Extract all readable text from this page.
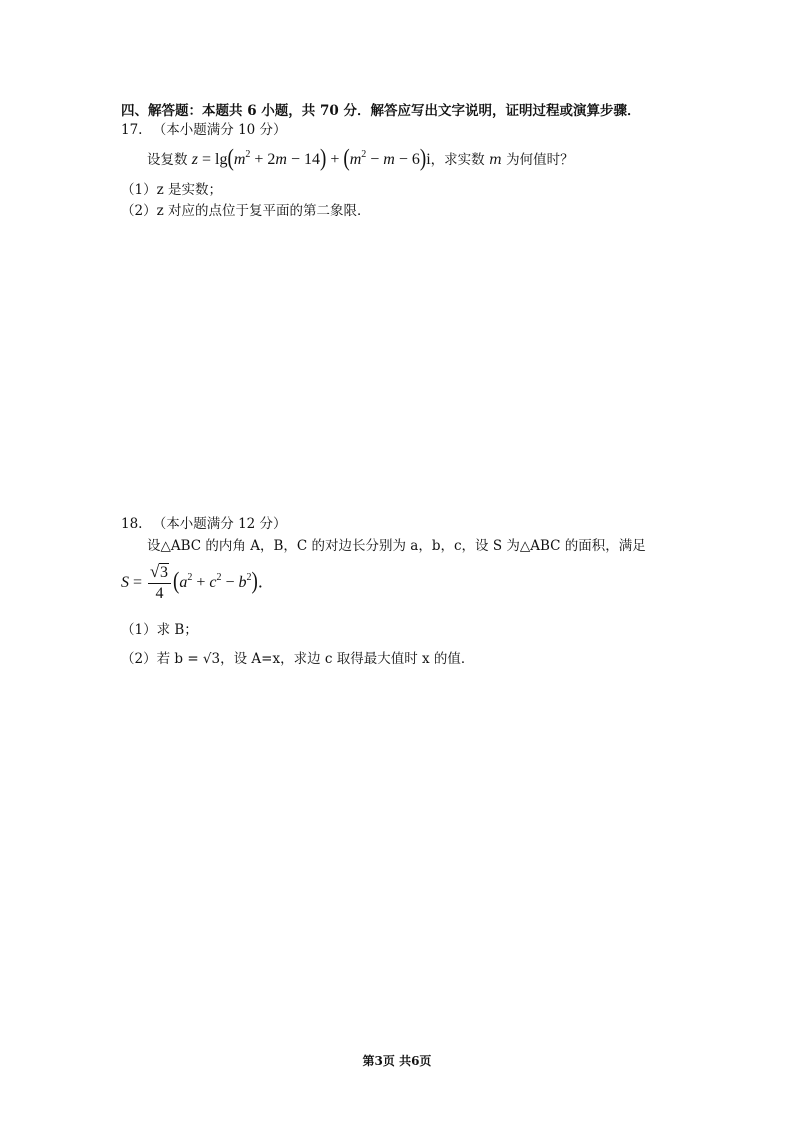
四、解答题：本题共 6 小题，共 70 分．解答应写出文字说明，证明过程或演算步骤．
17. （本小题满分 10 分）
设复数 $z = \lg(m^2 + 2m - 14) + (m^2 - m - 6)i$，求实数 m 为何值时？
（1）z 是实数；
（2）z 对应的点位于复平面的第二象限．
18. （本小题满分 12 分）
设△ABC 的内角 A，B，C 的对边长分别为 a，b，c，设 S 为△ABC 的面积，满足
$S = \frac{√ 3}{4} (a^2 + c^2 - b^2)$．
（1）求 B；
（2）若 b = √3，设 A=x，求边 c 取得最大值时 x 的值．
第3页 共6页
